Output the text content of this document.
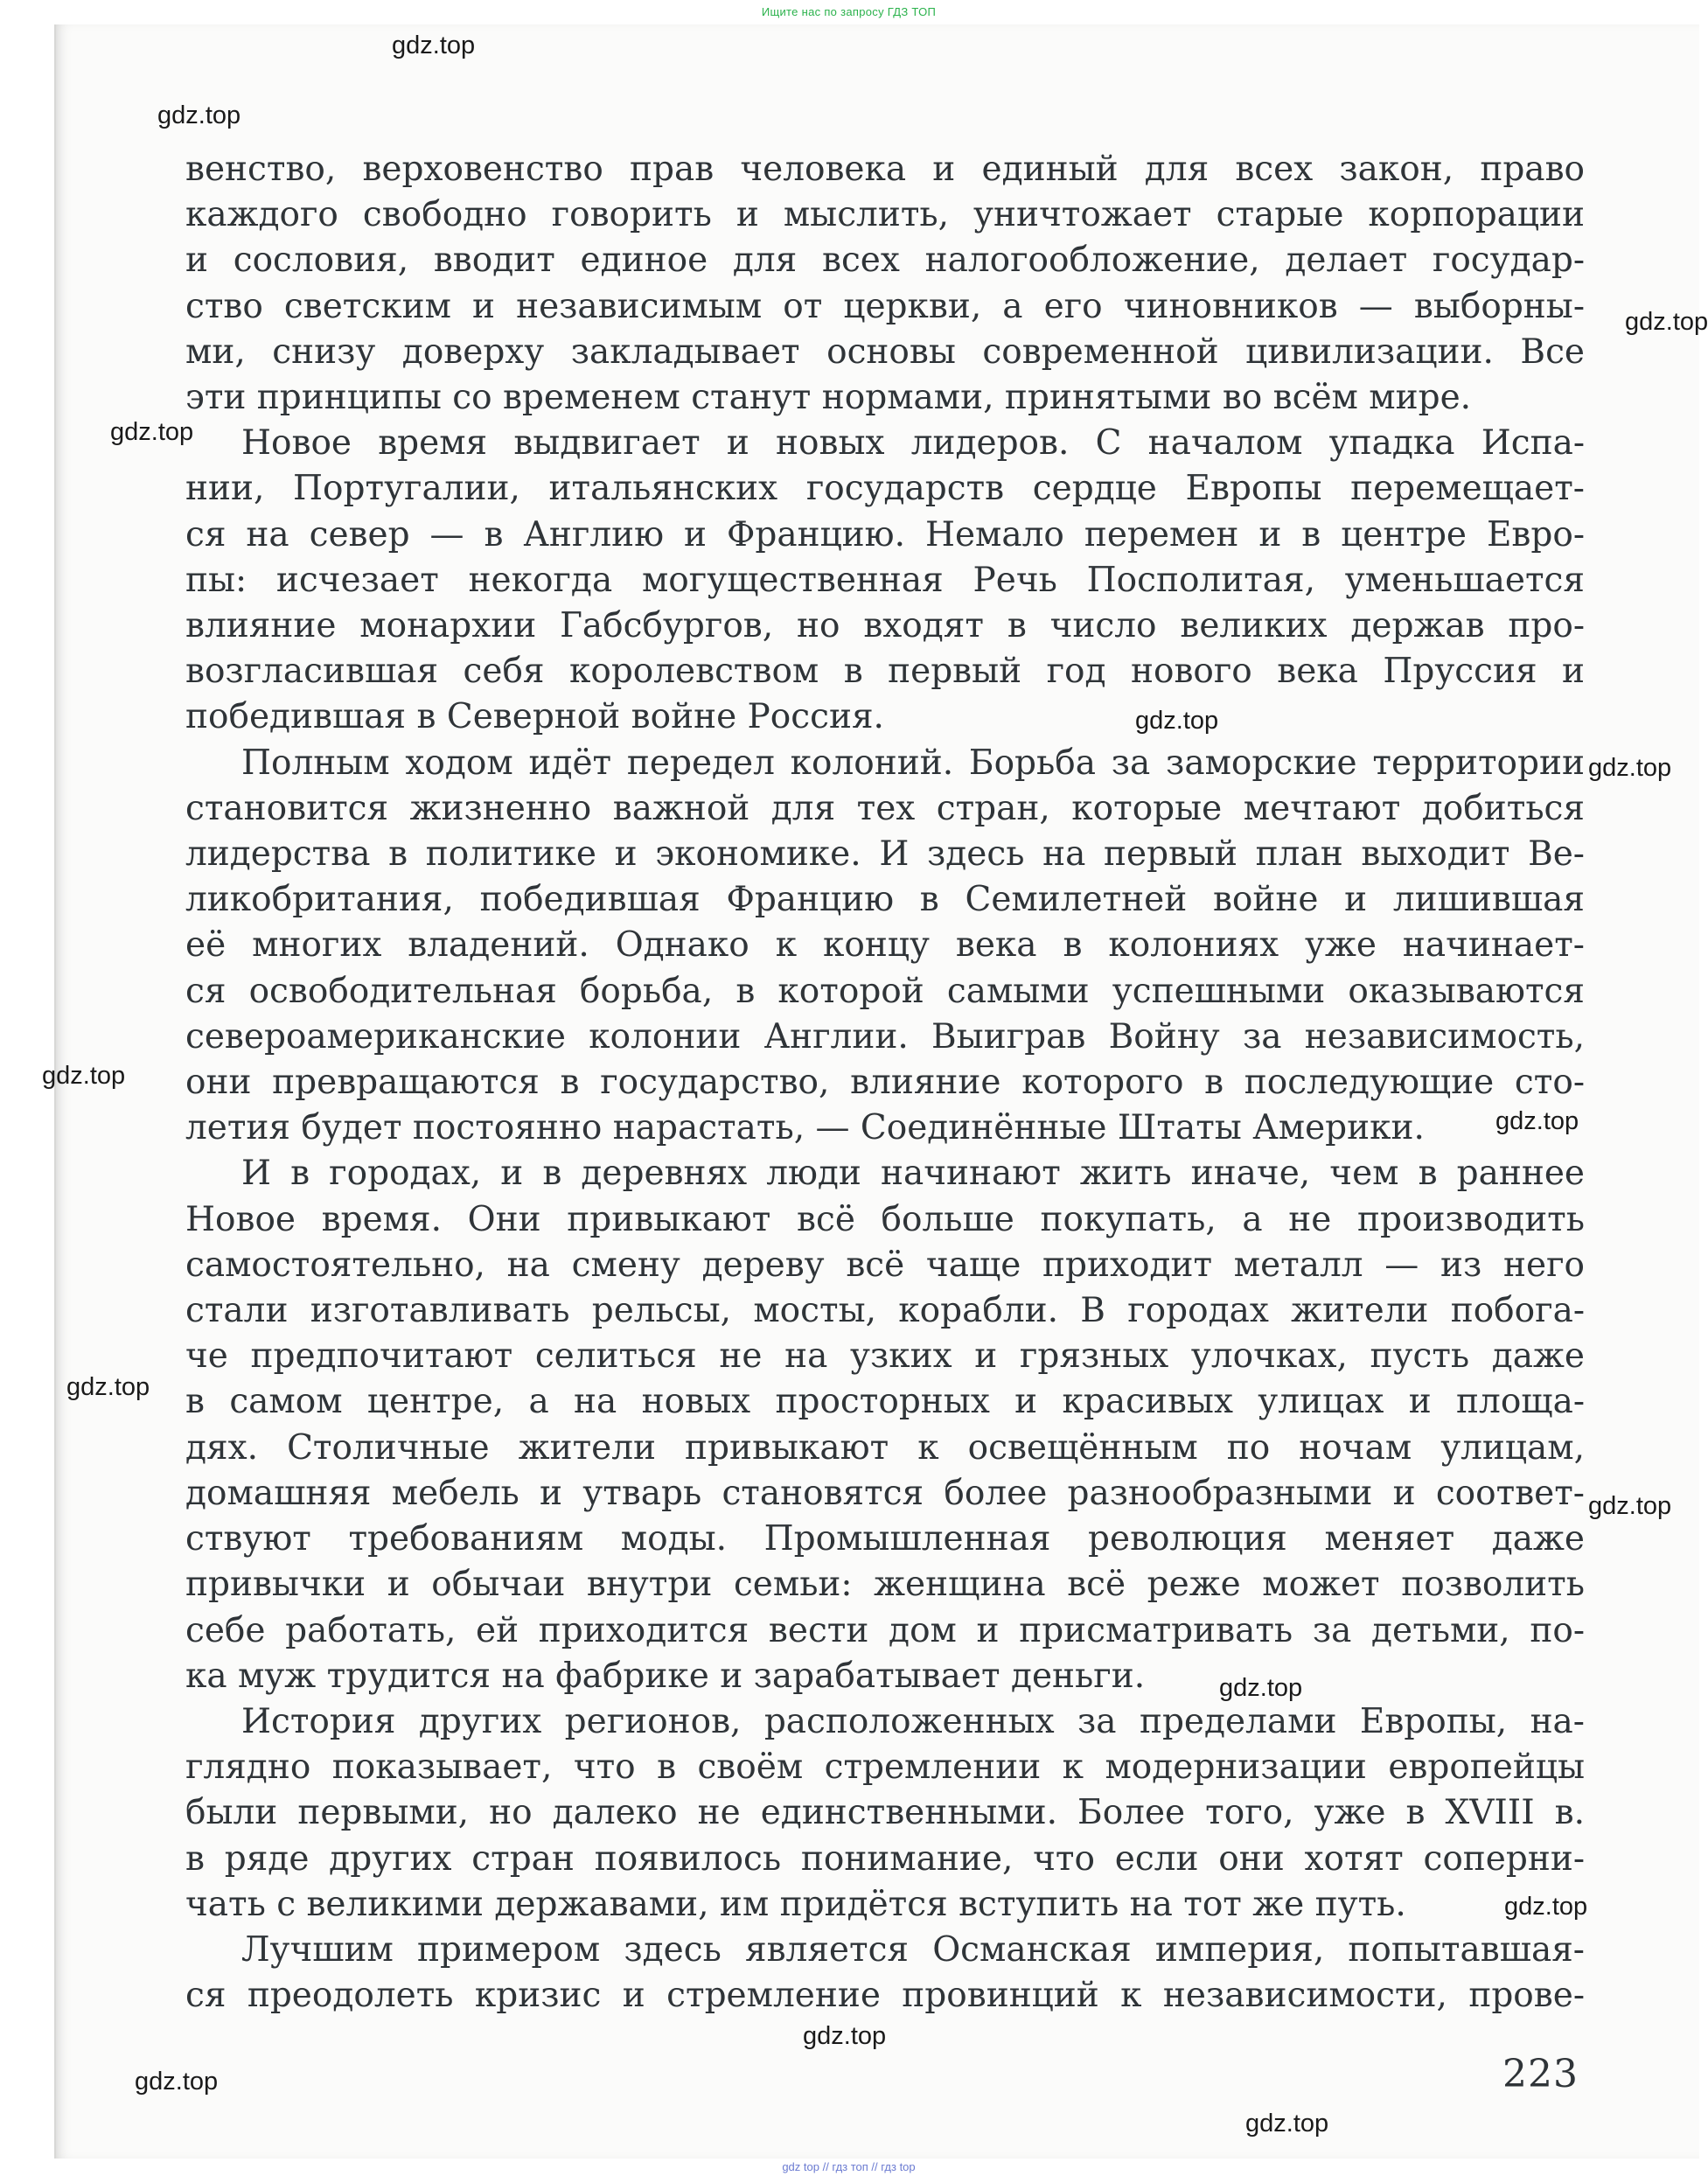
Ищите нас по запросу ГДЗ ТОП

венство, верховенство прав человека и единый для всех закон, право
каждого свободно говорить и мыслить, уничтожает старые корпорации
и сословия, вводит единое для всех налогообложение, делает государ-
ство светским и независимым от церкви, а его чиновников — выборны-
ми, снизу доверху закладывает основы современной цивилизации. Все
эти принципы со временем станут нормами, принятыми во всём мире.

Новое время выдвигает и новых лидеров. С началом упадка Испа-
нии, Португалии, итальянских государств сердце Европы перемещает-
ся на север — в Англию и Францию. Немало перемен и в центре Евро-
пы: исчезает некогда могущественная Речь Посполитая, уменьшается
влияние монархии Габсбургов, но входят в число великих держав про-
возгласившая себя королевством в первый год нового века Пруссия и
победившая в Северной войне Россия.

Полным ходом идёт передел колоний. Борьба за заморские территории
становится жизненно важной для тех стран, которые мечтают добиться
лидерства в политике и экономике. И здесь на первый план выходит Ве-
ликобритания, победившая Францию в Семилетней войне и лишившая
её многих владений. Однако к концу века в колониях уже начинает-
ся освободительная борьба, в которой самыми успешными оказываются
североамериканские колонии Англии. Выиграв Войну за независимость,
они превращаются в государство, влияние которого в последующие сто-
летия будет постоянно нарастать, — Соединённые Штаты Америки.

И в городах, и в деревнях люди начинают жить иначе, чем в раннее
Новое время. Они привыкают всё больше покупать, а не производить
самостоятельно, на смену дереву всё чаще приходит металл — из него
стали изготавливать рельсы, мосты, корабли. В городах жители побога-
че предпочитают селиться не на узких и грязных улочках, пусть даже
в самом центре, а на новых просторных и красивых улицах и площа-
дях. Столичные жители привыкают к освещённым по ночам улицам,
домашняя мебель и утварь становятся более разнообразными и соответ-
ствуют требованиям моды. Промышленная революция меняет даже
привычки и обычаи внутри семьи: женщина всё реже может позволить
себе работать, ей приходится вести дом и присматривать за детьми, по-
ка муж трудится на фабрике и зарабатывает деньги.

История других регионов, расположенных за пределами Европы, на-
глядно показывает, что в своём стремлении к модернизации европейцы
были первыми, но далеко не единственными. Более того, уже в XVIII в.
в ряде других стран появилось понимание, что если они хотят соперни-
чать с великими державами, им придётся вступить на тот же путь.

Лучшим примером здесь является Османская империя, попытавшая-
ся преодолеть кризис и стремление провинций к независимости, прове-

223
gdz.top
gdz.top
gdz.top
gdz.top
gdz.top
gdz.top
gdz.top
gdz.top
gdz.top
gdz.top
gdz.top
gdz.top
gdz.top
gdz.top
gdz.top
gdz top // гдз топ // гдз top
